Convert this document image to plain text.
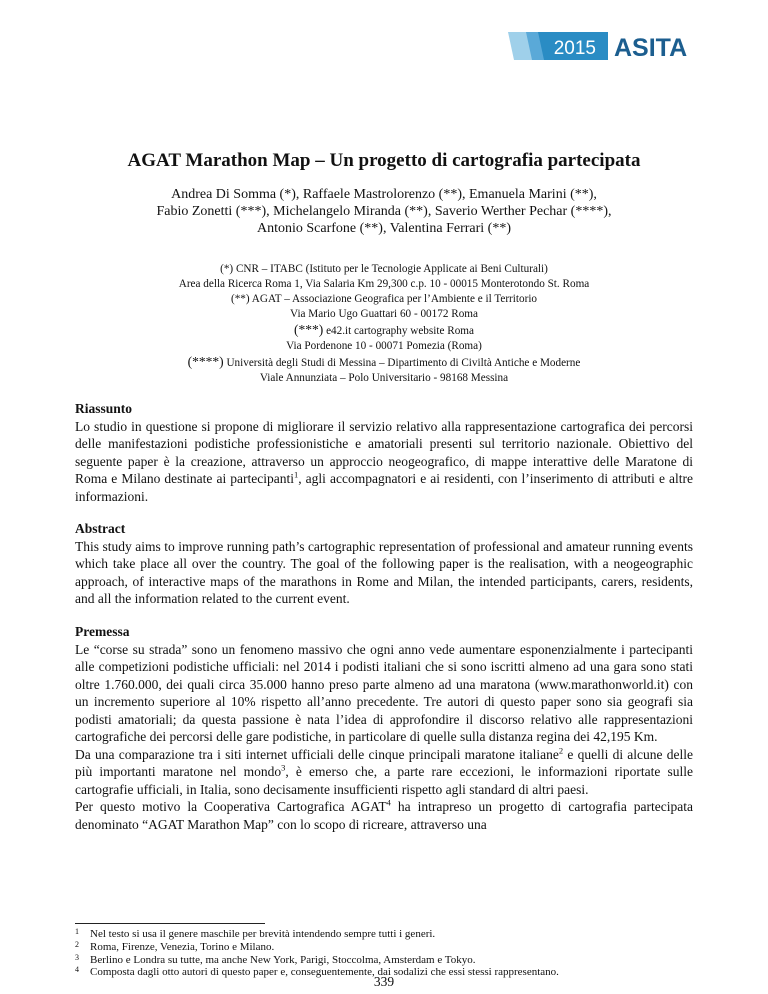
2015 ASITA
AGAT Marathon Map – Un progetto di cartografia partecipata
Andrea Di Somma (*), Raffaele Mastrolorenzo (**), Emanuela Marini (**),
Fabio Zonetti (***), Michelangelo Miranda (**), Saverio Werther Pechar (****),
Antonio Scarfone (**), Valentina Ferrari (**)
(*) CNR – ITABC (Istituto per le Tecnologie Applicate ai Beni Culturali)
Area della Ricerca Roma 1, Via Salaria Km 29,300 c.p. 10 - 00015 Monterotondo St. Roma
(**) AGAT – Associazione Geografica per l’Ambiente e il Territorio
Via Mario Ugo Guattari 60 - 00172 Roma
(***) e42.it cartography website Roma
Via Pordenone 10 - 00071 Pomezia (Roma)
(****) Università degli Studi di Messina – Dipartimento di Civiltà Antiche e Moderne
Viale Annunziata – Polo Universitario - 98168 Messina
Riassunto

Lo studio in questione si propone di migliorare il servizio relativo alla rappresentazione cartografica dei percorsi delle manifestazioni podistiche professionistiche e amatoriali presenti sul territorio nazionale. Obiettivo del seguente paper è la creazione, attraverso un approccio neogeografico, di mappe interattive delle Maratone di Roma e Milano destinate ai partecipanti$^1$, agli accompagnatori e ai residenti, con l’inserimento di attributi e altre informazioni.

Abstract

This study aims to improve running path’s cartographic representation of professional and amateur running events which take place all over the country. The goal of the following paper is the realisation, with a neogeographic approach, of interactive maps of the marathons in Rome and Milan, the intended participants, carers, residents, and all the information related to the current event.

Premessa

Le “corse su strada” sono un fenomeno massivo che ogni anno vede aumentare esponenzialmente i partecipanti alle competizioni podistiche ufficiali: nel 2014 i podisti italiani che si sono iscritti almeno ad una gara sono stati oltre 1.760.000, dei quali circa 35.000 hanno preso parte almeno ad una maratona (www.marathonworld.it) con un incremento superiore al 10% rispetto all’anno precedente. Tre autori di questo paper sono sia geografi sia podisti amatoriali; da questa passione è nata l’idea di approfondire il discorso relativo alle rappresentazioni cartografiche dei percorsi delle gare podistiche, in particolare di quelle sulla distanza regina dei 42,195 Km.

Da una comparazione tra i siti internet ufficiali delle cinque principali maratone italiane$^2$ e quelli di alcune delle più importanti maratone nel mondo$^3$, è emerso che, a parte rare eccezioni, le informazioni riportate sulle cartografie ufficiali, in Italia, sono decisamente insufficienti rispetto agli standard di altri paesi.

Per questo motivo la Cooperativa Cartografica AGAT$^4$ ha intrapreso un progetto di cartografia partecipata denominato “AGAT Marathon Map” con lo scopo di ricreare, attraverso una

1 Nel testo si usa il genere maschile per brevità intendendo sempre tutti i generi.
2 Roma, Firenze, Venezia, Torino e Milano.
3 Berlino e Londra su tutte, ma anche New York, Parigi, Stoccolma, Amsterdam e Tokyo.
4 Composta dagli otto autori di questo paper e, conseguentemente, dai sodalizi che essi stessi rappresentano.
339
